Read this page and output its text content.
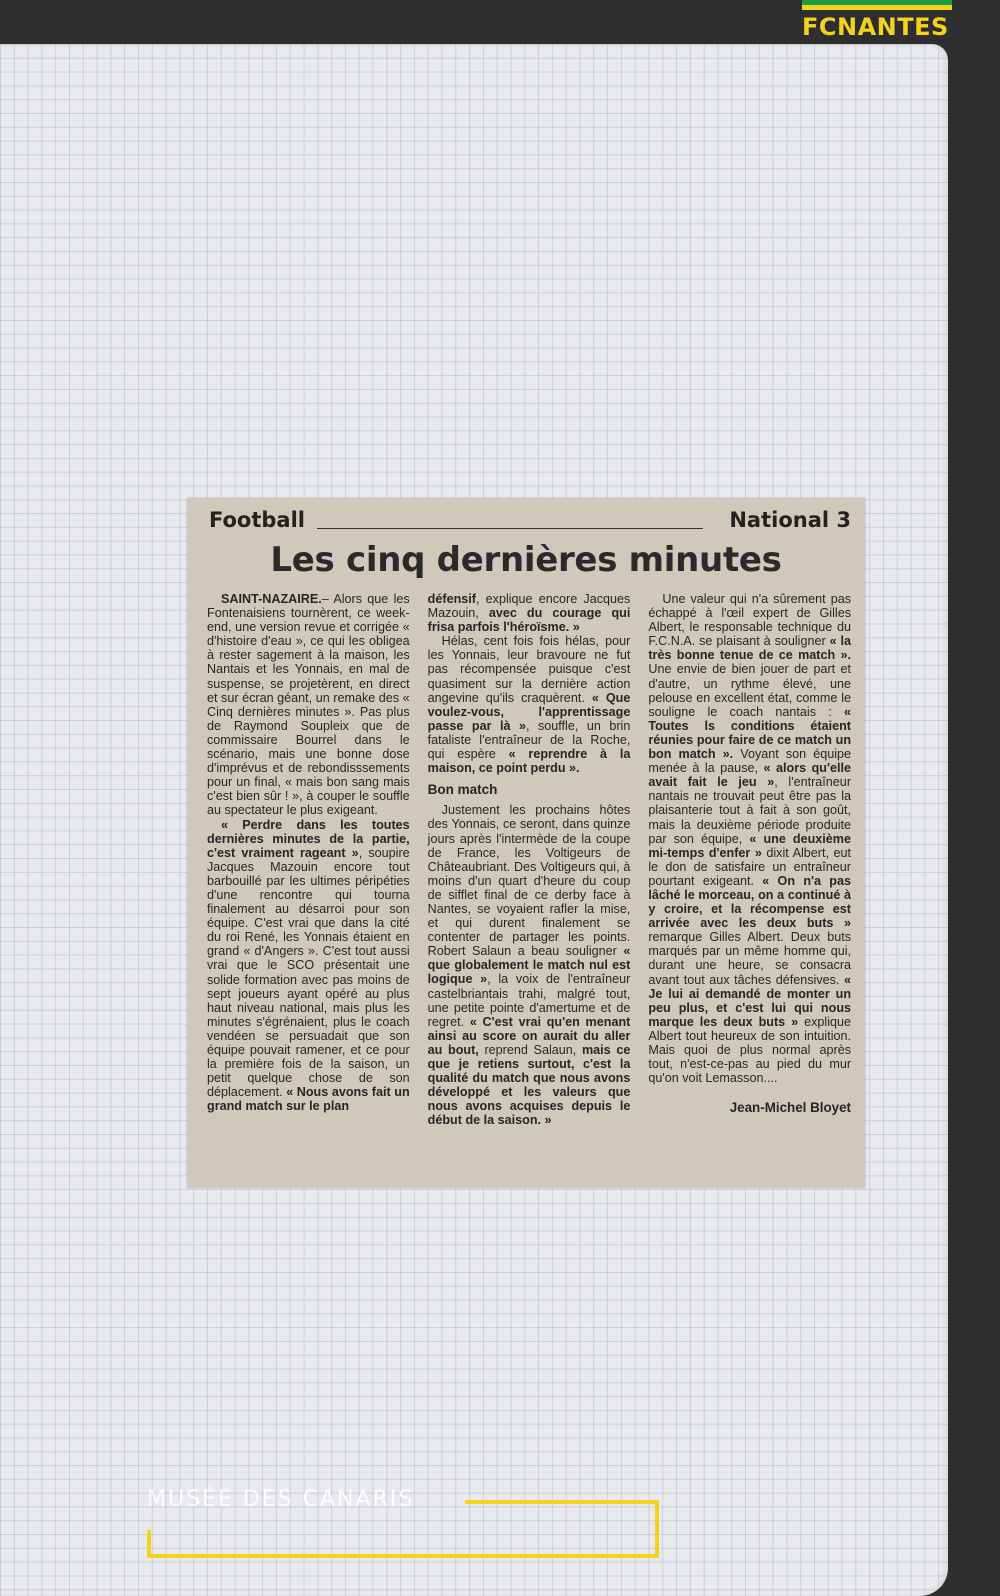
FCNANTES
Football	National 3
Les cinq dernières minutes

SAINT-NAZAIRE.– Alors que les Fontenaisiens tournèrent, ce week-end, une version revue et corrigée « d'histoire d'eau », ce qui les obligea à rester sagement à la maison, les Nantais et les Yonnais, en mal de suspense, se projetèrent, en direct et sur écran géant, un remake des « Cinq dernières minutes ». Pas plus de Raymond Soupleix que de commissaire Bourrel dans le scénario, mais une bonne dose d'imprévus et de rebondisssements pour un final, « mais bon sang mais c'est bien sûr ! », à couper le souffle au spectateur le plus exigeant.

« Perdre dans les toutes dernières minutes de la partie, c'est vraiment rageant », soupire Jacques Mazouin encore tout barbouillé par les ultimes péripéties d'une rencontre qui tourna finalement au désarroi pour son équipe. C'est vrai que dans la cité du roi René, les Yonnais étaient en grand « d'Angers ». C'est tout aussi vrai que le SCO présentait une solide formation avec pas moins de sept joueurs ayant opéré au plus haut niveau national, mais plus les minutes s'égrénaient, plus le coach vendéen se persuadait que son équipe pouvait ramener, et ce pour la première fois de la saison, un petit quelque chose de son déplacement. « Nous avons fait un grand match sur le plan

défensif, explique encore Jacques Mazouin, avec du courage qui frisa parfois l'héroïsme. »

Hélas, cent fois fois hélas, pour les Yonnais, leur bravoure ne fut pas récompensée puisque c'est quasiment sur la dernière action angevine qu'ils craquèrent. « Que voulez-vous, l'apprentissage passe par là », souffle, un brin fataliste l'entraîneur de la Roche, qui espère « reprendre à la maison, ce point perdu ».

Bon match

Justement les prochains hôtes des Yonnais, ce seront, dans quinze jours après l'intermède de la coupe de France, les Voltigeurs de Châteaubriant. Des Voltigeurs qui, à moins d'un quart d'heure du coup de sifflet final de ce derby face à Nantes, se voyaient rafler la mise, et qui durent finalement se contenter de partager les points. Robert Salaun a beau souligner « que globalement le match nul est logique », la voix de l'entraîneur castelbriantais trahi, malgré tout, une petite pointe d'amertume et de regret. « C'est vrai qu'en menant ainsi au score on aurait du aller au bout, reprend Salaun, mais ce que je retiens surtout, c'est la qualité du match que nous avons développé et les valeurs que nous avons acquises depuis le début de la saison. »

Une valeur qui n'a sûrement pas échappé à l'œil expert de Gilles Albert, le responsable technique du F.C.N.A. se plaisant à souligner « la très bonne tenue de ce match ». Une envie de bien jouer de part et d'autre, un rythme élevé, une pelouse en excellent état, comme le souligne le coach nantais : « Toutes ls conditions étaient réunies pour faire de ce match un bon match ». Voyant son équipe menée à la pause, « alors qu'elle avait fait le jeu », l'entraîneur nantais ne trouvait peut être pas la plaisanterie tout à fait à son goût, mais la deuxième période produite par son équipe, « une deuxième mi-temps d'enfer » dixit Albert, eut le don de satisfaire un entraîneur pourtant exigeant. « On n'a pas lâché le morceau, on a continué à y croire, et la récompense est arrivée avec les deux buts » remarque Gilles Albert. Deux buts marqués par un même homme qui, durant une heure, se consacra avant tout aux tâches défensives. « Je lui ai demandé de monter un peu plus, et c'est lui qui nous marque les deux buts » explique Albert tout heureux de son intuition. Mais quoi de plus normal après tout, n'est-ce-pas au pied du mur qu'on voit Lemasson....

Jean-Michel Bloyet
MUSÉE DES CANARIS
